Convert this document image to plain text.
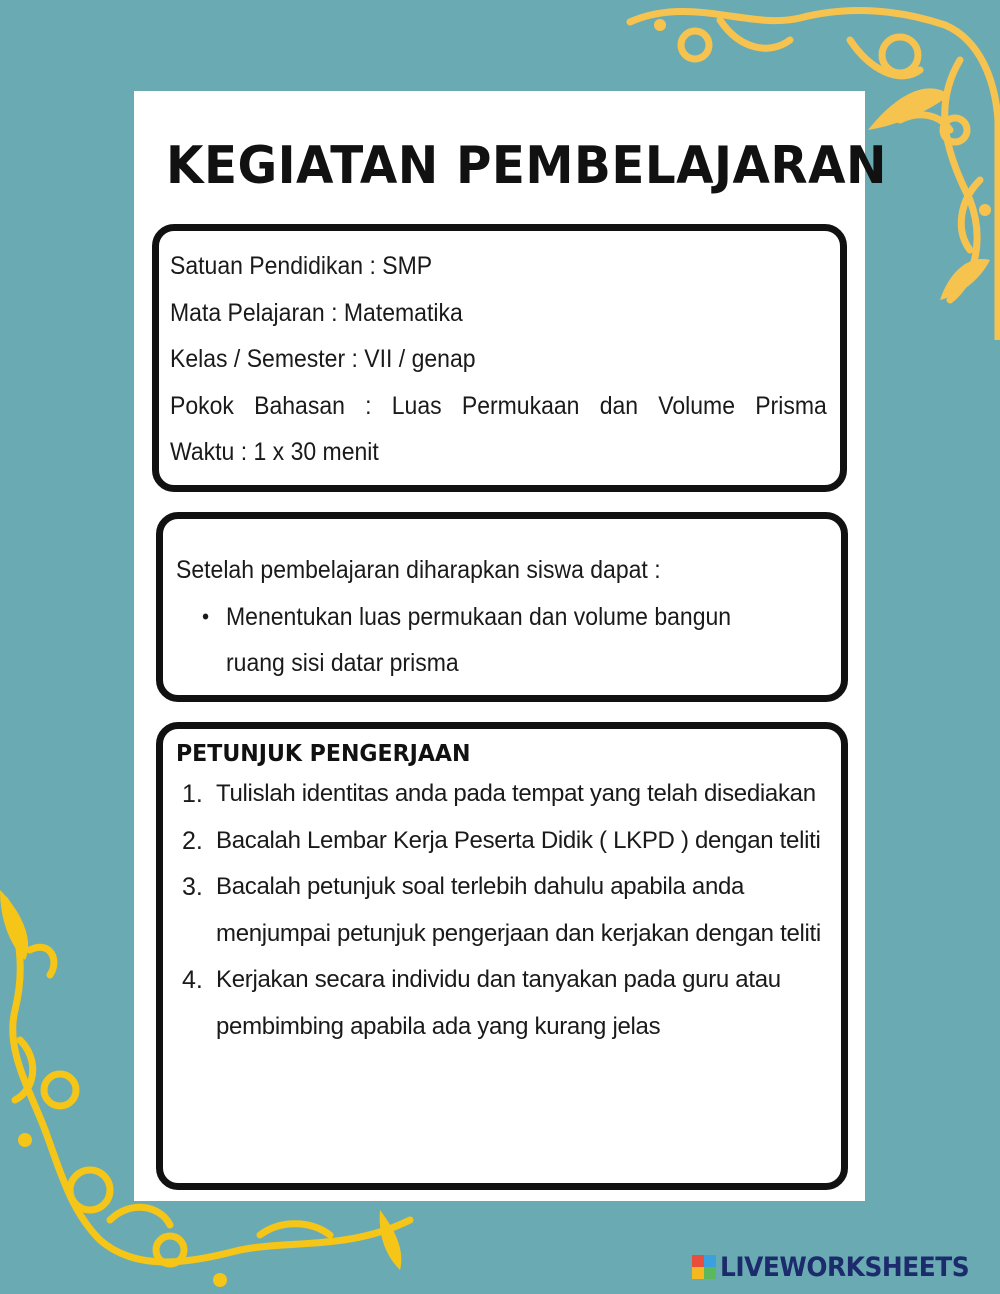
KEGIATAN PEMBELAJARAN
Satuan Pendidikan : SMP
Mata Pelajaran : Matematika
Kelas / Semester : VII / genap
Pokok Bahasan : Luas Permukaan dan Volume Prisma
Waktu : 1 x 30 menit
Setelah pembelajaran diharapkan siswa dapat :
• Menentukan luas permukaan dan volume bangun
ruang sisi datar prisma
PETUNJUK PENGERJAAN
1. Tulislah identitas anda pada tempat yang telah disediakan
2. Bacalah Lembar Kerja Peserta Didik ( LKPD ) dengan teliti
3. Bacalah petunjuk soal terlebih dahulu apabila anda menjumpai petunjuk pengerjaan dan kerjakan dengan teliti
4. Kerjakan secara individu dan tanyakan pada guru atau pembimbing apabila ada yang kurang jelas
LIVEWORKSHEETS
